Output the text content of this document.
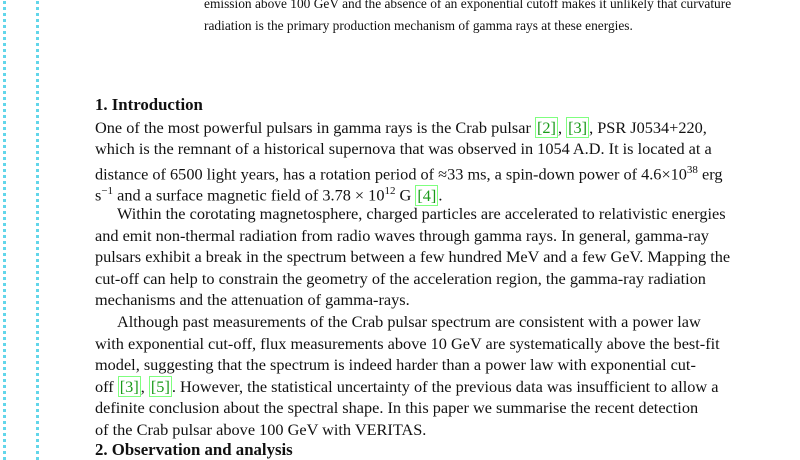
emission above 100 GeV and the absence of an exponential cutoff makes it unlikely that curvature
radiation is the primary production mechanism of gamma rays at these energies.
1. Introduction
One of the most powerful pulsars in gamma rays is the Crab pulsar [2] , [3] , PSR J0534+220,
which is the remnant of a historical supernova that was observed in 1054 A.D. It is located at a
distance of 6500 light years, has a rotation period of ≈33 ms, a spin-down power of $4.6\times 10^{38}$ erg
$s^{-1}$ and a surface magnetic field of $3.78 \times 10^{12}$ G [4] .
Within the corotating magnetosphere, charged particles are accelerated to relativistic energies
and emit non-thermal radiation from radio waves through gamma rays. In general, gamma-ray
pulsars exhibit a break in the spectrum between a few hundred MeV and a few GeV. Mapping the
cut-off can help to constrain the geometry of the acceleration region, the gamma-ray radiation
mechanisms and the attenuation of gamma-rays.
Although past measurements of the Crab pulsar spectrum are consistent with a power law
with exponential cut-off, flux measurements above 10 GeV are systematically above the best-fit
model, suggesting that the spectrum is indeed harder than a power law with exponential cut-
off [3] , [5] . However, the statistical uncertainty of the previous data was insufficient to allow a
definite conclusion about the spectral shape. In this paper we summarise the recent detection
of the Crab pulsar above 100 GeV with VERITAS.
2. Observation and analysis
